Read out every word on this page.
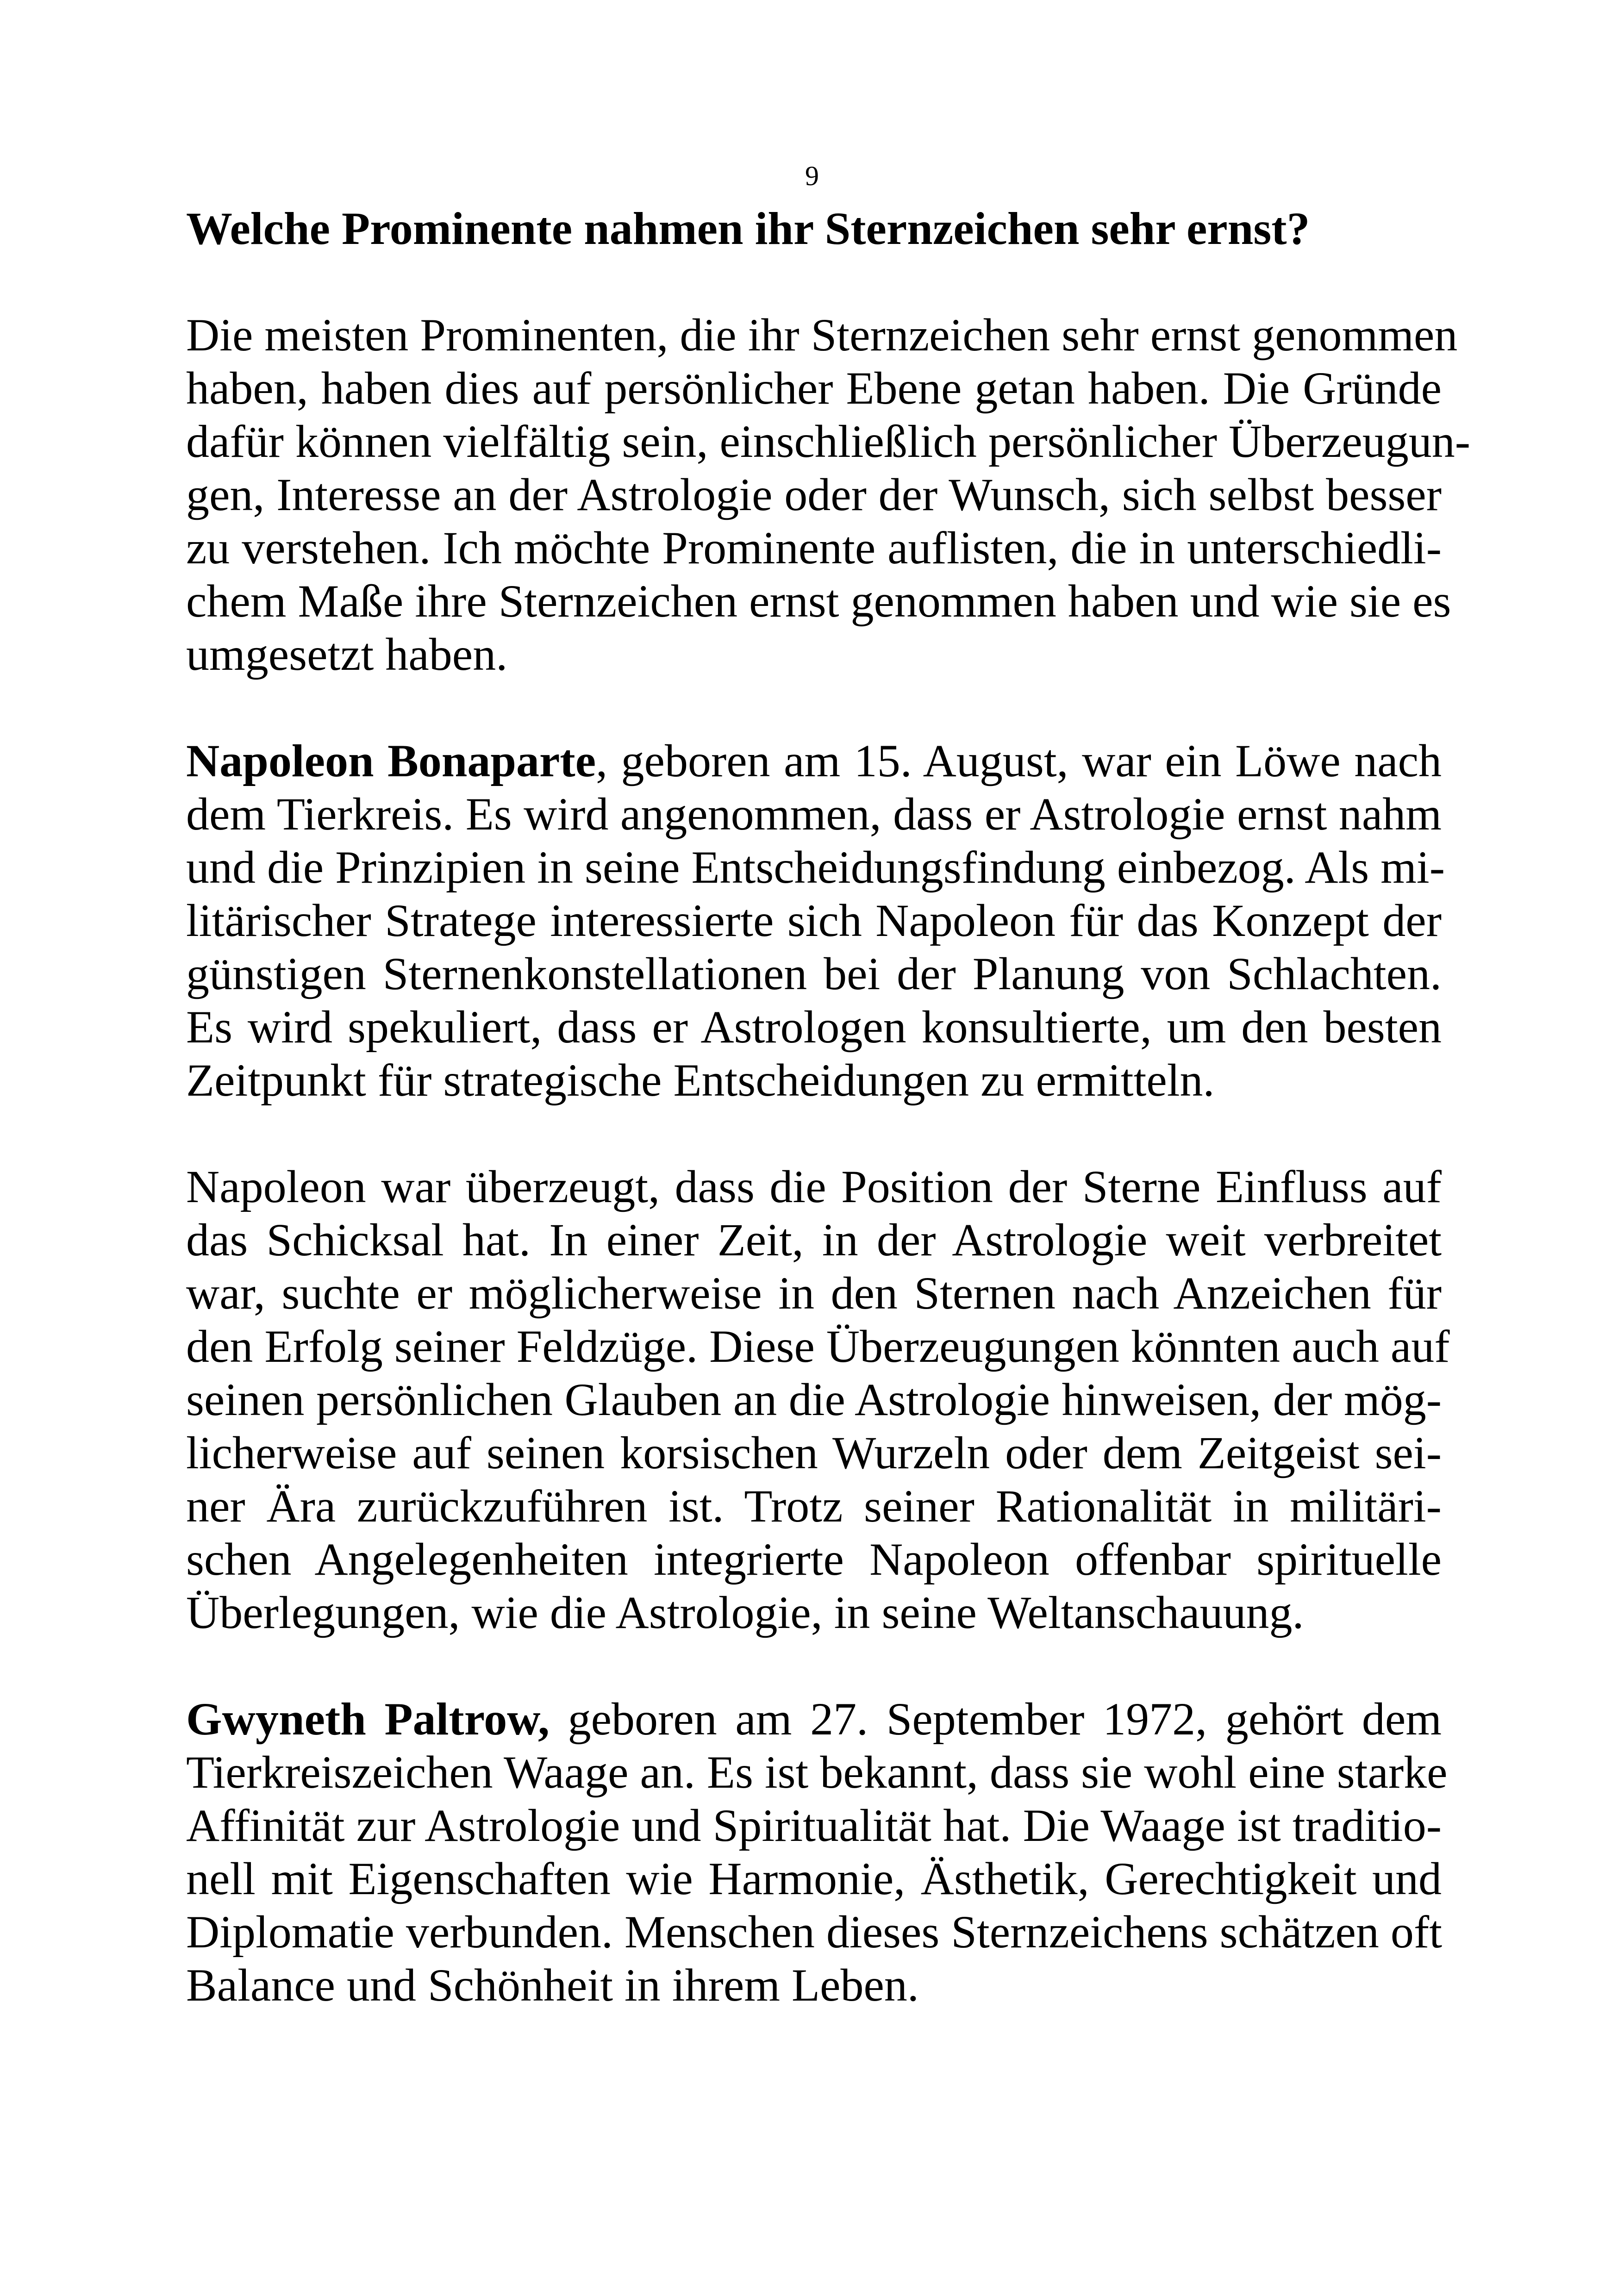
9
Welche Prominente nahmen ihr Sternzeichen sehr ernst?
Die meisten Prominenten, die ihr Sternzeichen sehr ernst genommen
haben, haben dies auf persönlicher Ebene getan haben. Die Gründe
dafür können vielfältig sein, einschließlich persönlicher Überzeugun-
gen, Interesse an der Astrologie oder der Wunsch, sich selbst besser
zu verstehen. Ich möchte Prominente auflisten, die in unterschiedli-
chem Maße ihre Sternzeichen ernst genommen haben und wie sie es
umgesetzt haben.
Napoleon Bonaparte, geboren am 15. August, war ein Löwe nach
dem Tierkreis. Es wird angenommen, dass er Astrologie ernst nahm
und die Prinzipien in seine Entscheidungsfindung einbezog. Als mi-
litärischer Stratege interessierte sich Napoleon für das Konzept der
günstigen Sternenkonstellationen bei der Planung von Schlachten.
Es wird spekuliert, dass er Astrologen konsultierte, um den besten
Zeitpunkt für strategische Entscheidungen zu ermitteln.
Napoleon war überzeugt, dass die Position der Sterne Einfluss auf
das Schicksal hat. In einer Zeit, in der Astrologie weit verbreitet
war, suchte er möglicherweise in den Sternen nach Anzeichen für
den Erfolg seiner Feldzüge. Diese Überzeugungen könnten auch auf
seinen persönlichen Glauben an die Astrologie hinweisen, der mög-
licherweise auf seinen korsischen Wurzeln oder dem Zeitgeist sei-
ner Ära zurückzuführen ist. Trotz seiner Rationalität in militäri-
schen Angelegenheiten integrierte Napoleon offenbar spirituelle
Überlegungen, wie die Astrologie, in seine Weltanschauung.
Gwyneth Paltrow, geboren am 27. September 1972, gehört dem
Tierkreiszeichen Waage an. Es ist bekannt, dass sie wohl eine starke
Affinität zur Astrologie und Spiritualität hat. Die Waage ist traditio-
nell mit Eigenschaften wie Harmonie, Ästhetik, Gerechtigkeit und
Diplomatie verbunden. Menschen dieses Sternzeichens schätzen oft
Balance und Schönheit in ihrem Leben.
